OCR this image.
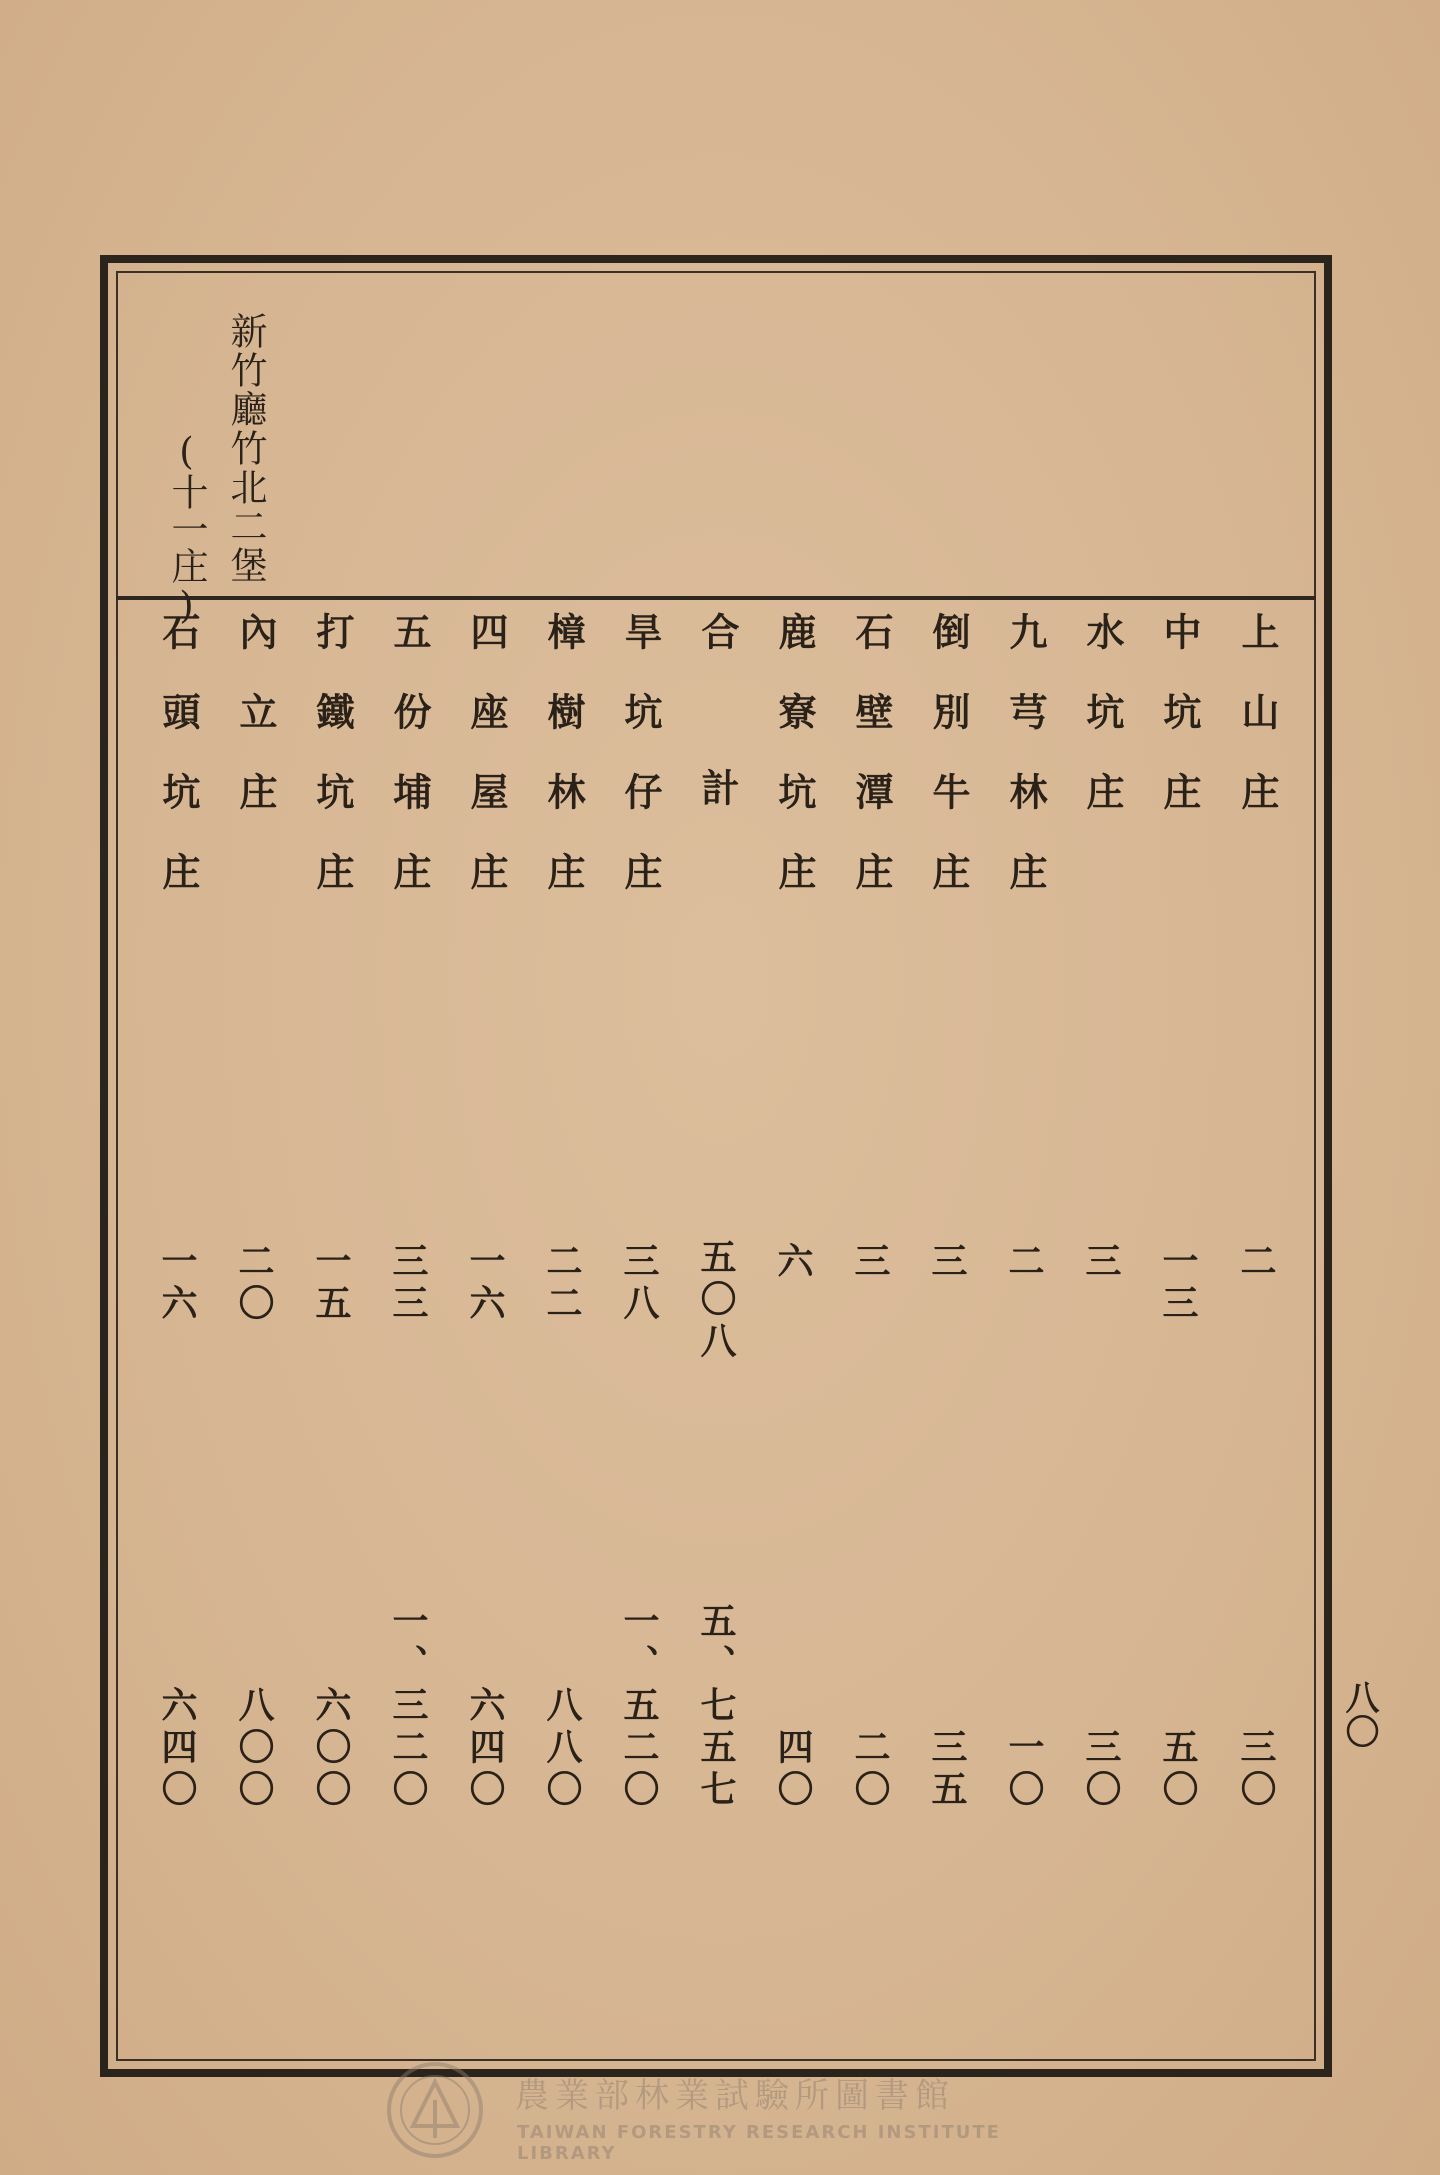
新竹廳竹北二堡
(十一庄)
上山庄
二
三〇
中坑庄
一三
五〇
水坑庄
三
三〇
九芎林庄
二
一〇
倒別牛庄
三
三五
石壁潭庄
三
二〇
鹿寮坑庄
六
四〇
合計
五〇八
五、七五七
旱坑仔庄
三八
一、五二〇
樟樹林庄
二二
八八〇
四座屋庄
一六
六四〇
五份埔庄
三三
一、三二〇
打鐵坑庄
一五
六〇〇
內立庄
二〇
八〇〇
石頭坑庄
一六
六四〇	八〇
農業部林業試驗所圖書館
TAIWAN FORESTRY RESEARCH INSTITUTE LIBRARY
